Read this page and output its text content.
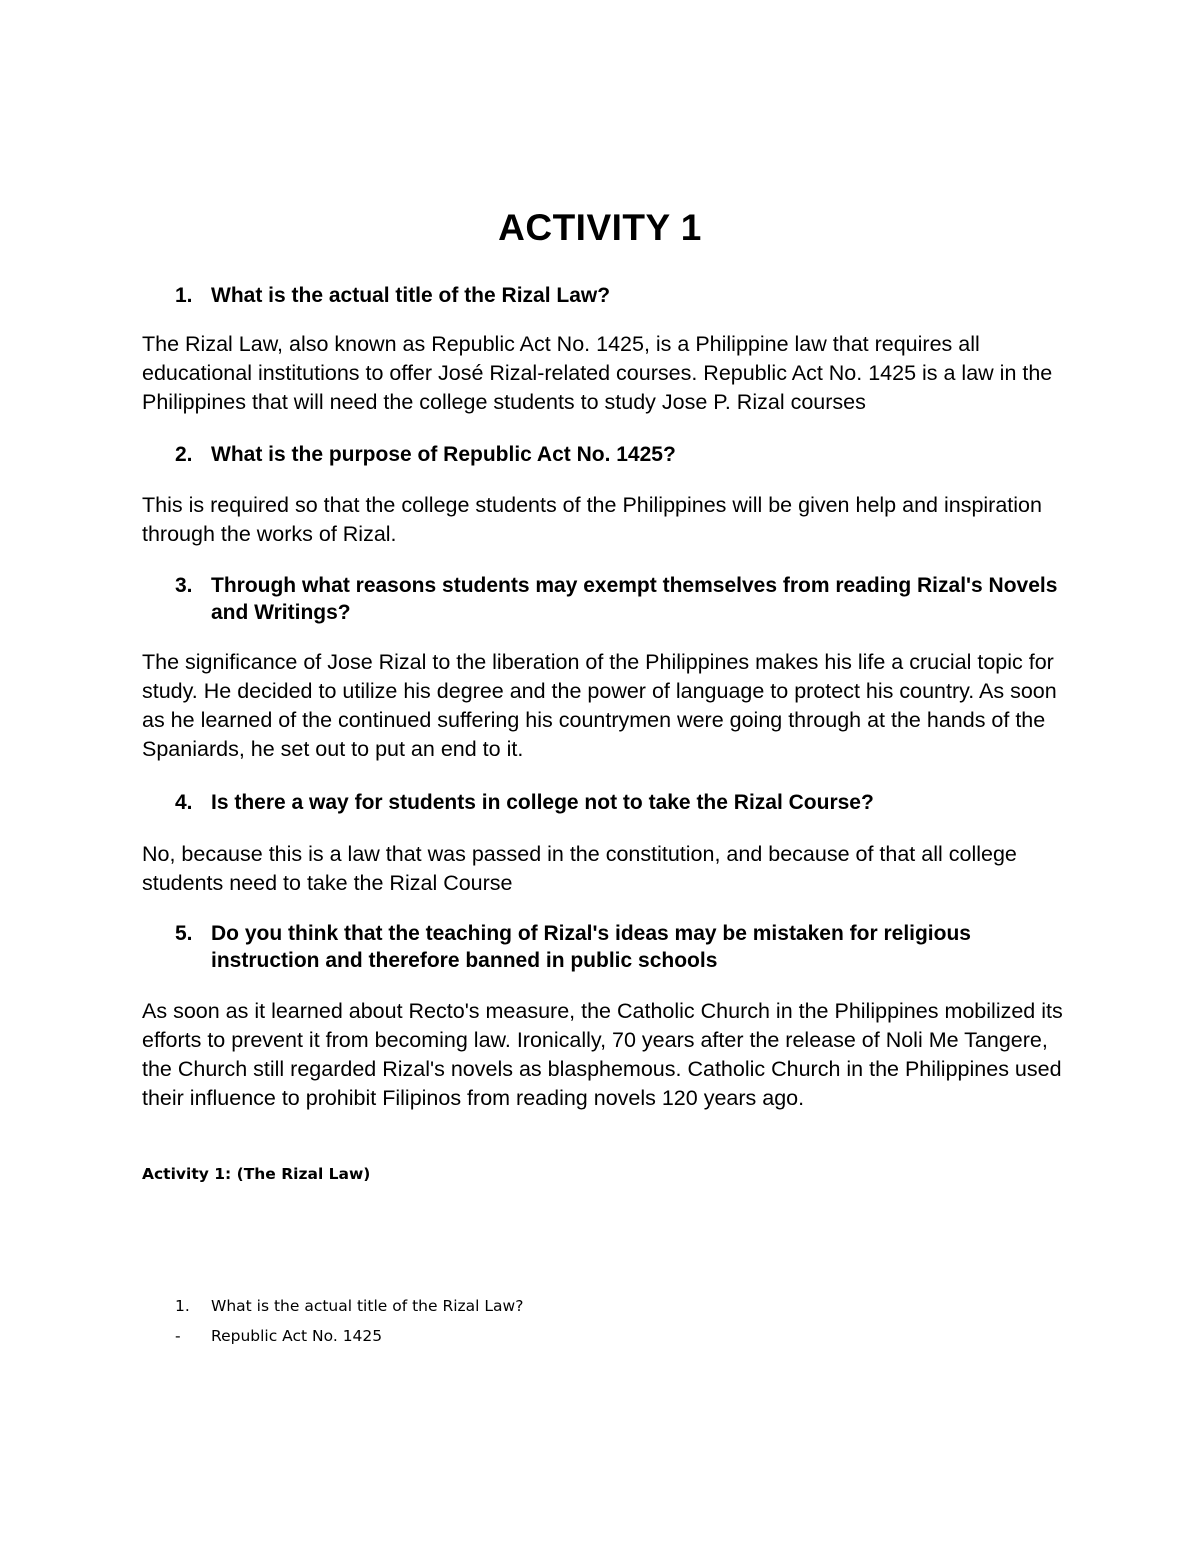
ACTIVITY 1
1. What is the actual title of the Rizal Law?
The Rizal Law, also known as Republic Act No. 1425, is a Philippine law that requires all educational institutions to offer José Rizal-related courses. Republic Act No. 1425 is a law in the Philippines that will need the college students to study Jose P. Rizal courses
2. What is the purpose of Republic Act No. 1425?
This is required so that the college students of the Philippines will be given help and inspiration through the works of Rizal.
3. Through what reasons students may exempt themselves from reading Rizal's Novels and Writings?
The significance of Jose Rizal to the liberation of the Philippines makes his life a crucial topic for study. He decided to utilize his degree and the power of language to protect his country. As soon as he learned of the continued suffering his countrymen were going through at the hands of the Spaniards, he set out to put an end to it.
4. Is there a way for students in college not to take the Rizal Course?
No, because this is a law that was passed in the constitution, and because of that all college students need to take the Rizal Course
5. Do you think that the teaching of Rizal's ideas may be mistaken for religious instruction and therefore banned in public schools
As soon as it learned about Recto's measure, the Catholic Church in the Philippines mobilized its efforts to prevent it from becoming law. Ironically, 70 years after the release of Noli Me Tangere, the Church still regarded Rizal's novels as blasphemous. Catholic Church in the Philippines used their influence to prohibit Filipinos from reading novels 120 years ago.
Activity 1: (The Rizal Law)
1.	What is the actual title of the Rizal Law?
-	Republic Act No. 1425
